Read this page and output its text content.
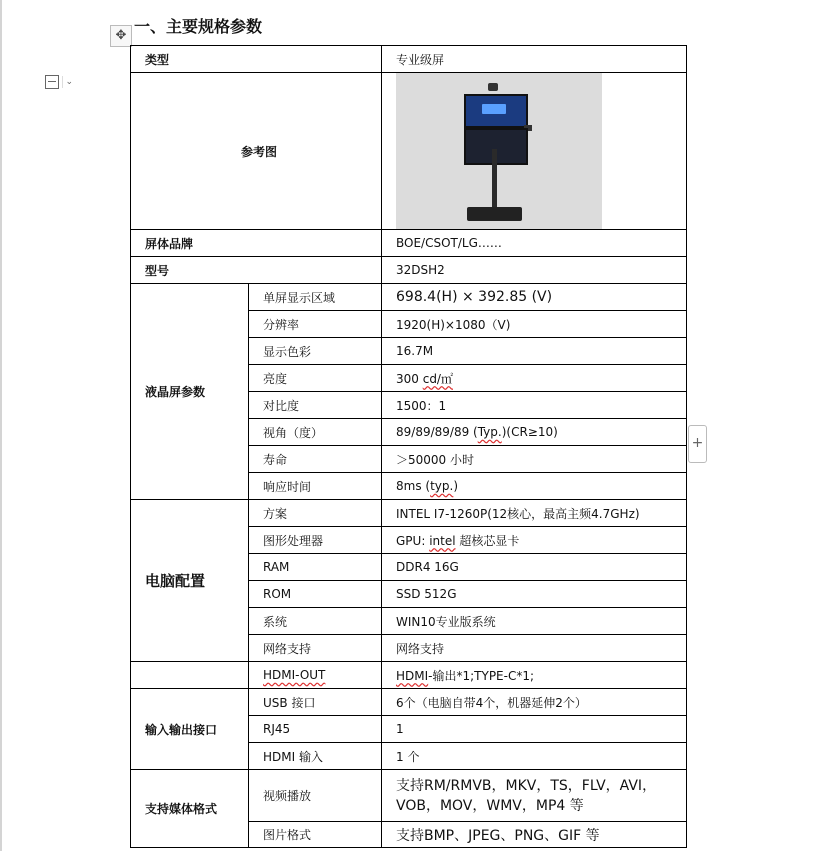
✥
⌄
+
一、主要规格参数
类型		专业级屏
参考图		

屏体品牌		BOE/CSOT/LG……
型号		32DSH2
液晶屏参数	单屏显示区域	698.4(H) × 392.85 (V)
	分辨率	1920(H)×1080（V)
	显示色彩	16.7M
	亮度	300 cd/㎡
	对比度	1500：1
	视角（度）	89/89/89/89 (Typ.)(CR≥10)
	寿命	＞50000 小时
	响应时间	8ms (typ.)
电脑配置	方案	INTEL I7-1260P(12核心，最高主频4.7GHz)
	图形处理器	GPU: intel 超核芯显卡
	RAM	DDR4 16G
	ROM	SSD 512G
	系统	WIN10专业版系统
	网络支持	网络支持
	HDMI-OUT	HDMI-输出*1;TYPE-C*1;
输入输出接口	USB 接口	6个（电脑自带4个，机器延伸2个）
	RJ45	1
	HDMI 输入	1 个
支持媒体格式	视频播放	支持RM/RMVB，MKV，TS，FLV，AVI，VOB，MOV，WMV，MP4 等
	图片格式	支持BMP、JPEG、PNG、GIF 等
